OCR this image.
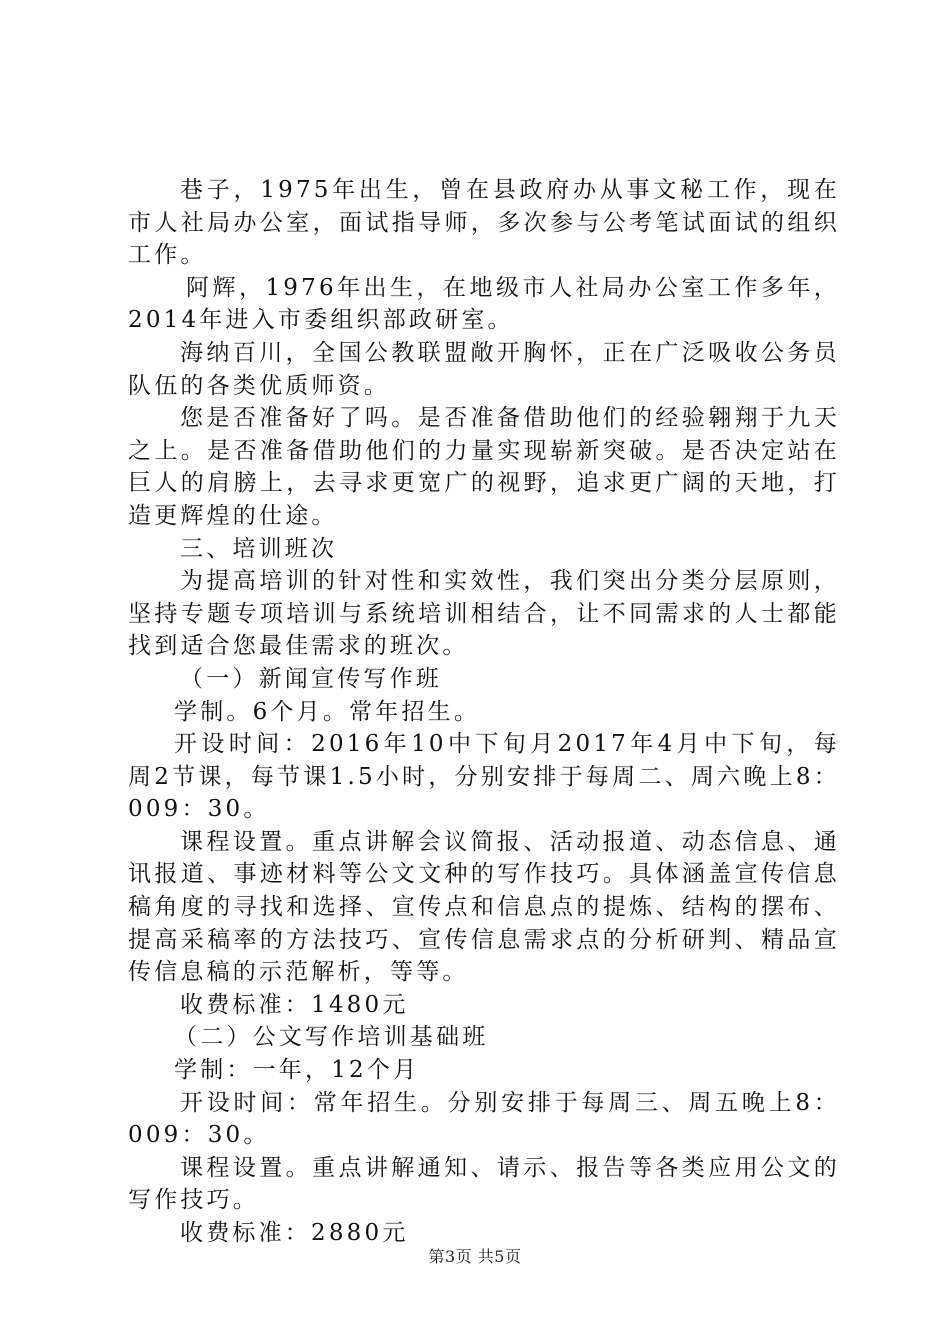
巷子，1975年出生，曾在县政府办从事文秘工作，现在市人社局办公室，面试指导师，多次参与公考笔试面试的组织工作。

阿辉，1976年出生，在地级市人社局办公室工作多年，2014年进入市委组织部政研室。

海纳百川，全国公教联盟敞开胸怀，正在广泛吸收公务员队伍的各类优质师资。

您是否准备好了吗。是否准备借助他们的经验翱翔于九天之上。是否准备借助他们的力量实现崭新突破。是否决定站在巨人的肩膀上，去寻求更宽广的视野，追求更广阔的天地，打造更辉煌的仕途。

三、培训班次

为提高培训的针对性和实效性，我们突出分类分层原则，坚持专题专项培训与系统培训相结合，让不同需求的人士都能找到适合您最佳需求的班次。

（一）新闻宣传写作班

学制。6个月。常年招生。

开设时间：2016年10中下旬月2017年4月中下旬，每周2节课，每节课1.5小时，分别安排于每周二、周六晚上8：009：30。

课程设置。重点讲解会议简报、活动报道、动态信息、通讯报道、事迹材料等公文文种的写作技巧。具体涵盖宣传信息稿角度的寻找和选择、宣传点和信息点的提炼、结构的摆布、提高采稿率的方法技巧、宣传信息需求点的分析研判、精品宣传信息稿的示范解析，等等。

收费标准：1480元

（二）公文写作培训基础班

学制：一年，12个月

开设时间：常年招生。分别安排于每周三、周五晚上8：009：30。

课程设置。重点讲解通知、请示、报告等各类应用公文的写作技巧。

收费标准：2880元

第3页 共5页
